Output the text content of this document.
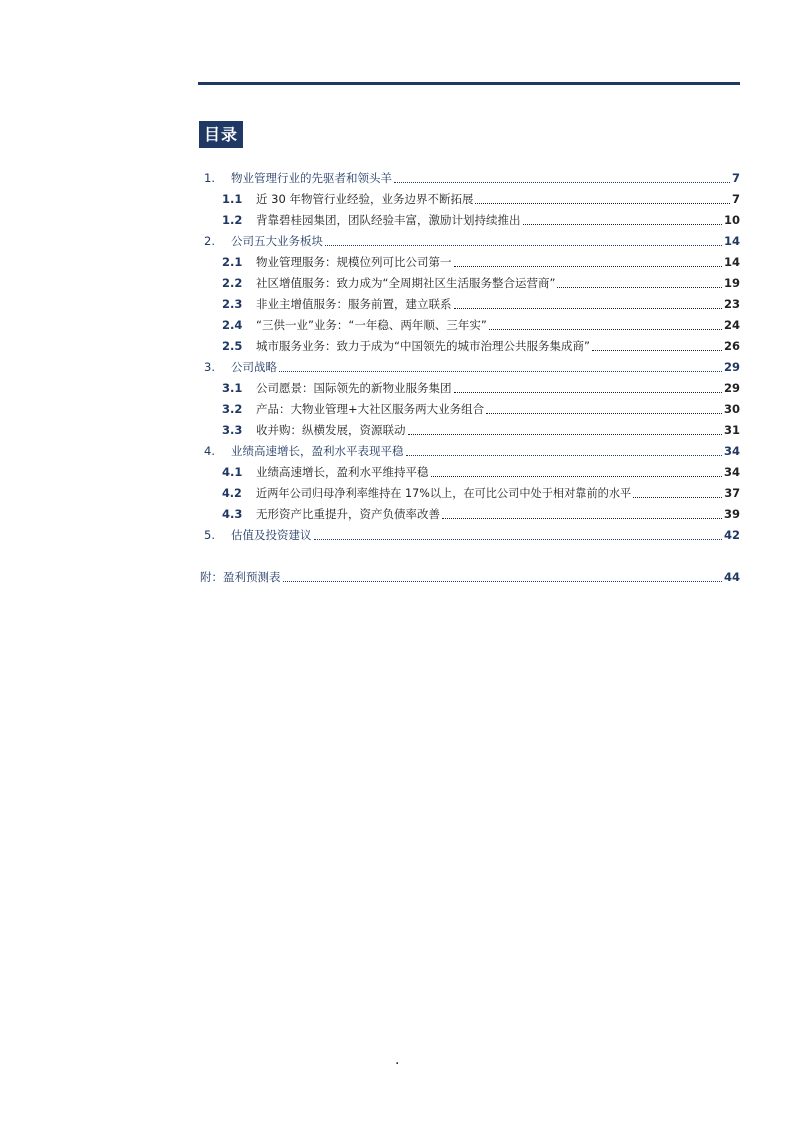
目录
1.	物业管理行业的先驱者和领头羊	7
1.1	近 30 年物管行业经验，业务边界不断拓展	7
1.2	背靠碧桂园集团，团队经验丰富，激励计划持续推出	10
2.	公司五大业务板块	14
2.1	物业管理服务：规模位列可比公司第一	14
2.2	社区增值服务：致力成为“全周期社区生活服务整合运营商”	19
2.3	非业主增值服务：服务前置，建立联系	23
2.4	“三供一业”业务：“一年稳、两年顺、三年实”	24
2.5	城市服务业务：致力于成为“中国领先的城市治理公共服务集成商”	26
3.	公司战略	29
3.1	公司愿景：国际领先的新物业服务集团	29
3.2	产品：大物业管理+大社区服务两大业务组合	30
3.3	收并购：纵横发展，资源联动	31
4.	业绩高速增长，盈利水平表现平稳	34
4.1	业绩高速增长，盈利水平维持平稳	34
4.2	近两年公司归母净利率维持在 17%以上，在可比公司中处于相对靠前的水平	37
4.3	无形资产比重提升，资产负债率改善	39
5.	估值及投资建议	42
附：盈利预测表	44
.
